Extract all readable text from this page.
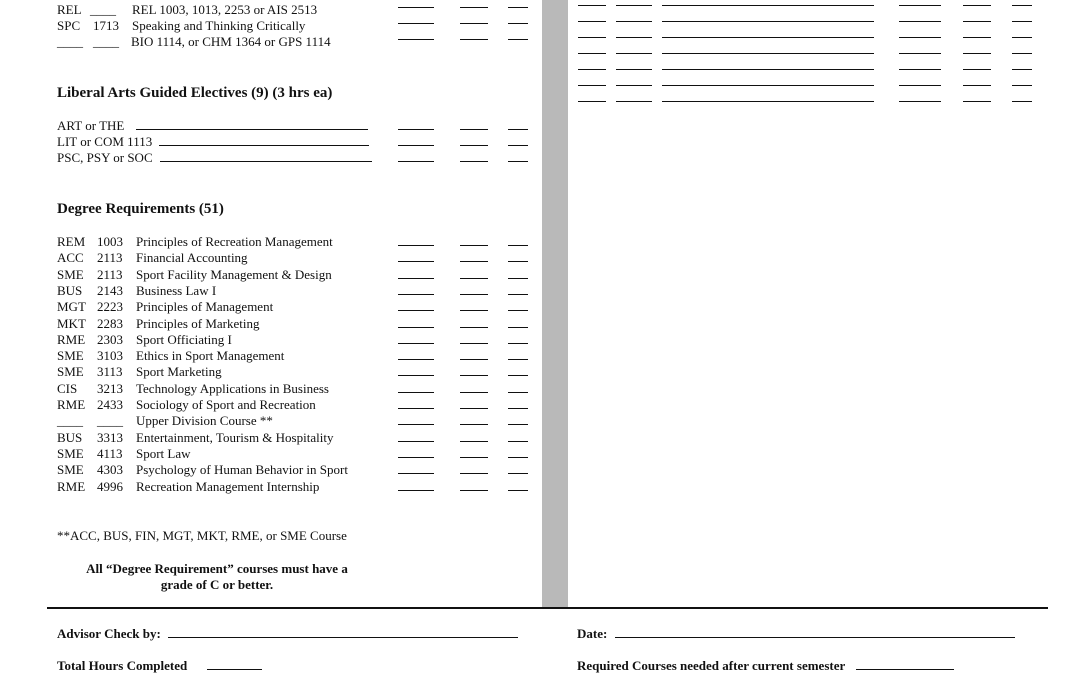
REL ____ REL 1003, 1013, 2253 or AIS 2513
SPC 1713 Speaking and Thinking Critically
____ ____ BIO 1114, or CHM 1364 or GPS 1114
Liberal Arts Guided Electives (9) (3 hrs ea)
ART or THE
LIT or COM 1113
PSC, PSY or SOC
Degree Requirements (51)
REM 1003 Principles of Recreation Management
ACC 2113 Financial Accounting
SME 2113 Sport Facility Management & Design
BUS 2143 Business Law I
MGT 2223 Principles of Management
MKT 2283 Principles of Marketing
RME 2303 Sport Officiating I
SME 3103 Ethics in Sport Management
SME 3113 Sport Marketing
CIS 3213 Technology Applications in Business
RME 2433 Sociology of Sport and Recreation
____ ____ Upper Division Course **
BUS 3313 Entertainment, Tourism & Hospitality
SME 4113 Sport Law
SME 4303 Psychology of Human Behavior in Sport
RME 4996 Recreation Management Internship
**ACC, BUS, FIN, MGT, MKT, RME, or SME Course
All “Degree Requirement” courses must have a
grade of C or better.
Advisor Check by:	Date:
Total Hours Completed	Required Courses needed after current semester
